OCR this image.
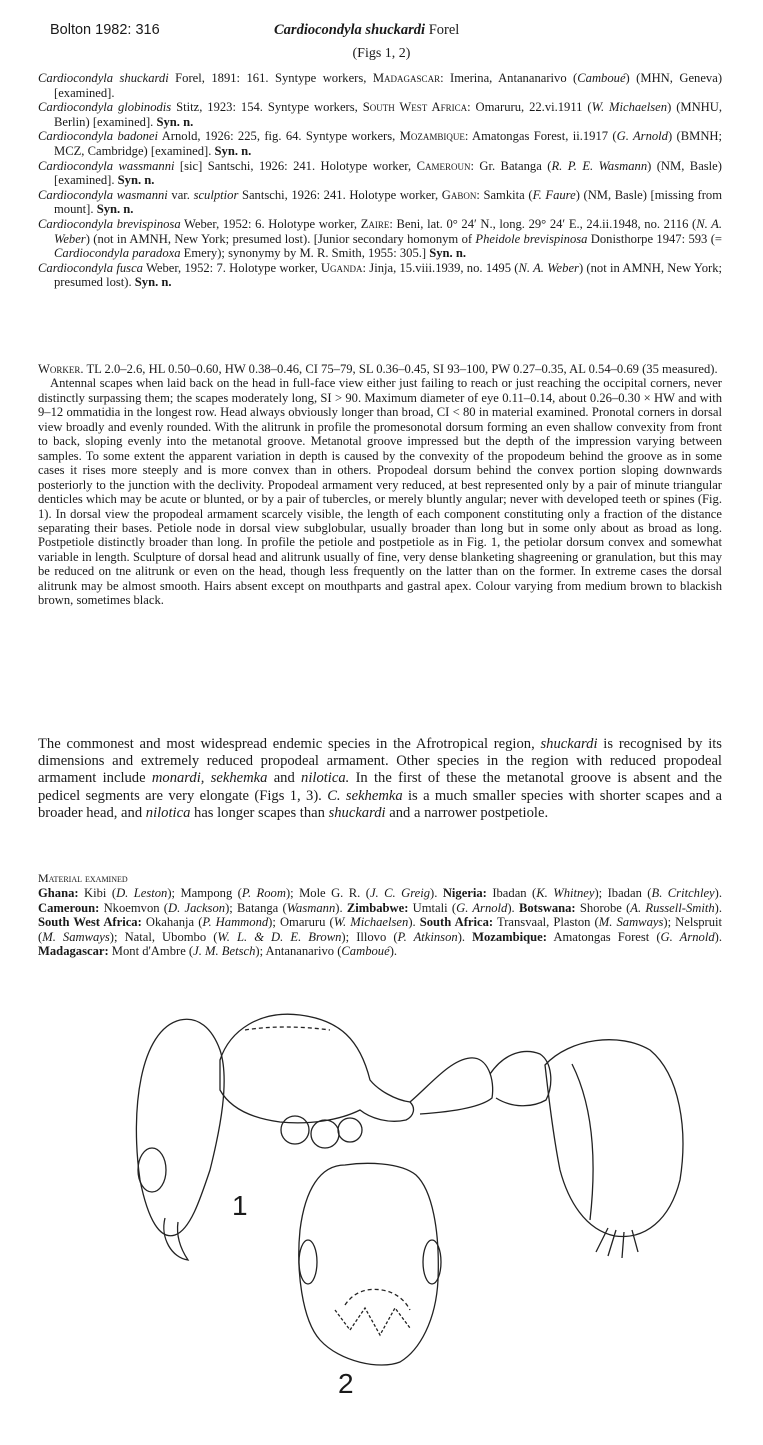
Bolton 1982: 316	Cardiocondyla shuckardi Forel
(Figs 1, 2)

Cardiocondyla shuckardi Forel, 1891: 161. Syntype workers, Madagascar: Imerina, Antananarivo (Camboué) (MHN, Geneva) [examined].

Cardiocondyla globinodis Stitz, 1923: 154. Syntype workers, South West Africa: Omaruru, 22.vi.1911 (W. Michaelsen) (MNHU, Berlin) [examined]. Syn. n.

Cardiocondyla badonei Arnold, 1926: 225, fig. 64. Syntype workers, Mozambique: Amatongas Forest, ii.1917 (G. Arnold) (BMNH; MCZ, Cambridge) [examined]. Syn. n.

Cardiocondyla wassmanni [sic] Santschi, 1926: 241. Holotype worker, Cameroun: Gr. Batanga (R. P. E. Wasmann) (NM, Basle) [examined]. Syn. n.

Cardiocondyla wasmanni var. sculptior Santschi, 1926: 241. Holotype worker, Gabon: Samkita (F. Faure) (NM, Basle) [missing from mount]. Syn. n.

Cardiocondyla brevispinosa Weber, 1952: 6. Holotype worker, Zaire: Beni, lat. 0° 24′ N., long. 29° 24′ E., 24.ii.1948, no. 2116 (N. A. Weber) (not in AMNH, New York; presumed lost). [Junior secondary homonym of Pheidole brevispinosa Donisthorpe 1947: 593 (= Cardiocondyla paradoxa Emery); synonymy by M. R. Smith, 1955: 305.] Syn. n.

Cardiocondyla fusca Weber, 1952: 7. Holotype worker, Uganda: Jinja, 15.viii.1939, no. 1495 (N. A. Weber) (not in AMNH, New York; presumed lost). Syn. n.

Worker. TL 2.0–2.6, HL 0.50–0.60, HW 0.38–0.46, CI 75–79, SL 0.36–0.45, SI 93–100, PW 0.27–0.35, AL 0.54–0.69 (35 measured).

Antennal scapes when laid back on the head in full-face view either just failing to reach or just reaching the occipital corners, never distinctly surpassing them; the scapes moderately long, SI > 90. Maximum diameter of eye 0.11–0.14, about 0.26–0.30 × HW and with 9–12 ommatidia in the longest row. Head always obviously longer than broad, CI < 80 in material examined. Pronotal corners in dorsal view broadly and evenly rounded. With the alitrunk in profile the promesonotal dorsum forming an even shallow convexity from front to back, sloping evenly into the metanotal groove. Metanotal groove impressed but the depth of the impression varying between samples. To some extent the apparent variation in depth is caused by the convexity of the propodeum behind the groove as in some cases it rises more steeply and is more convex than in others. Propodeal dorsum behind the convex portion sloping downwards posteriorly to the junction with the declivity. Propodeal armament very reduced, at best represented only by a pair of minute triangular denticles which may be acute or blunted, or by a pair of tubercles, or merely bluntly angular; never with developed teeth or spines (Fig. 1). In dorsal view the propodeal armament scarcely visible, the length of each component constituting only a fraction of the distance separating their bases. Petiole node in dorsal view subglobular, usually broader than long but in some only about as broad as long. Postpetiole distinctly broader than long. In profile the petiole and postpetiole as in Fig. 1, the petiolar dorsum convex and somewhat variable in length. Sculpture of dorsal head and alitrunk usually of fine, very dense blanketing shagreening or granulation, but this may be reduced on tne alitrunk or even on the head, though less frequently on the latter than on the former. In extreme cases the dorsal alitrunk may be almost smooth. Hairs absent except on mouthparts and gastral apex. Colour varying from medium brown to blackish brown, sometimes black.

The commonest and most widespread endemic species in the Afrotropical region, shuckardi is recognised by its dimensions and extremely reduced propodeal armament. Other species in the region with reduced propodeal armament include monardi, sekhemka and nilotica. In the first of these the metanotal groove is absent and the pedicel segments are very elongate (Figs 1, 3). C. sekhemka is a much smaller species with shorter scapes and a broader head, and nilotica has longer scapes than shuckardi and a narrower postpetiole.

Material examined

Ghana: Kibi (D. Leston); Mampong (P. Room); Mole G. R. (J. C. Greig). Nigeria: Ibadan (K. Whitney); Ibadan (B. Critchley). Cameroun: Nkoemvon (D. Jackson); Batanga (Wasmann). Zimbabwe: Umtali (G. Arnold). Botswana: Shorobe (A. Russell-Smith). South West Africa: Okahanja (P. Hammond); Omaruru (W. Michaelsen). South Africa: Transvaal, Plaston (M. Samways); Nelspruit (M. Samways); Natal, Ubombo (W. L. & D. E. Brown); Illovo (P. Atkinson). Mozambique: Amatongas Forest (G. Arnold). Madagascar: Mont d'Ambre (J. M. Betsch); Antananarivo (Camboué).

1
2
